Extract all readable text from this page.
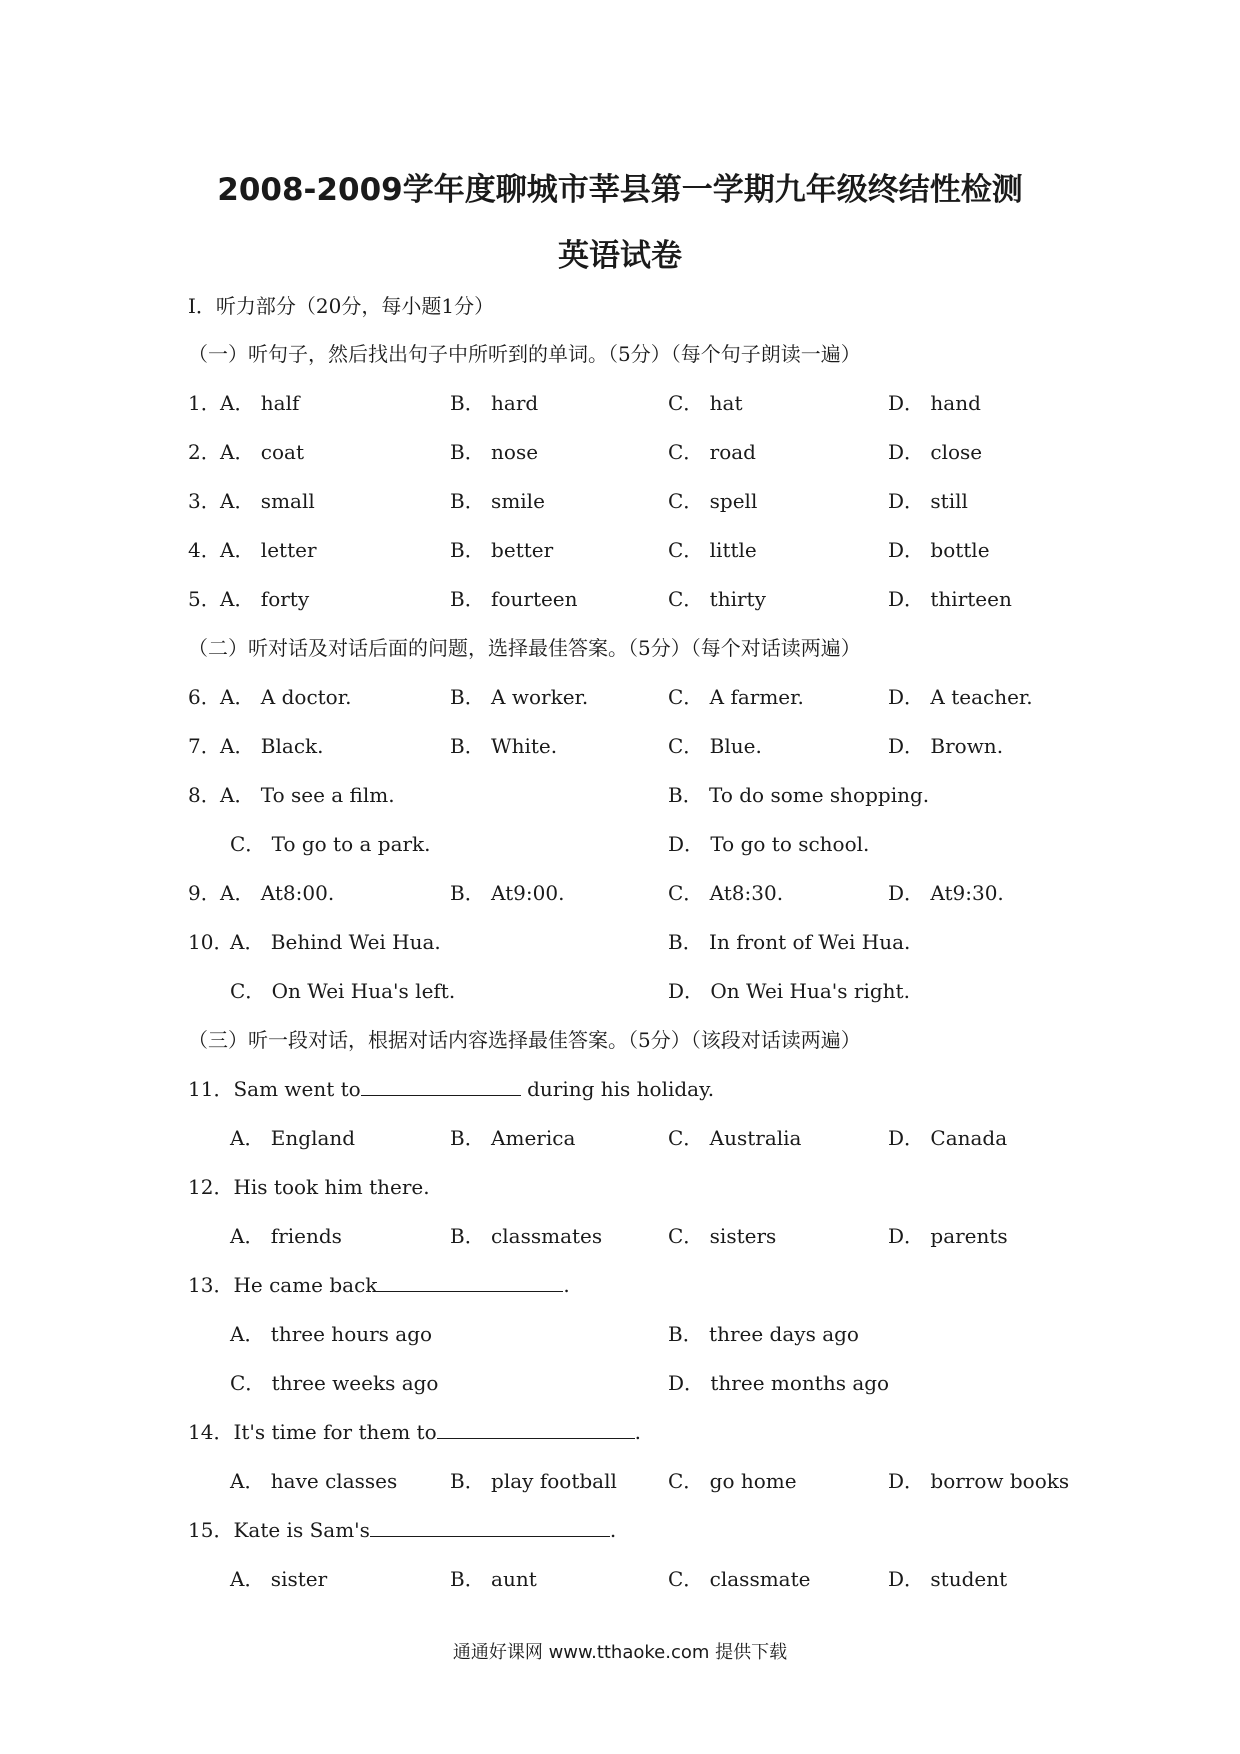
2008-2009学年度聊城市莘县第一学期九年级终结性检测
英语试卷
I．听力部分（20分，每小题1分）
（一）听句子，然后找出句子中所听到的单词。（5分）（每个句子朗读一遍）
1． A． half	B． hard	C． hat	D． hand
2． A． coat	B． nose	C． road	D． close
3． A． small	B． smile	C． spell	D． still
4． A． letter	B． better	C． little	D． bottle
5． A． forty	B． fourteen	C． thirty	D． thirteen
（二）听对话及对话后面的问题，选择最佳答案。（5分）（每个对话读两遍）
6． A． A doctor.	B． A worker.	C． A farmer.	D． A teacher.
7． A． Black.	B． White.	C． Blue.	D． Brown.
8． A． To see a film.	B． To do some shopping.
C． To go to a park.	D． To go to school.
9． A． At8:00.	B． At9:00.	C． At8:30.	D． At9:30.
10．
A． Behind Wei Hua.	B． In front of Wei Hua.
C． On Wei Hua's left.	D． On Wei Hua's right.
（三）听一段对话，根据对话内容选择最佳答案。（5分）（该段对话读两遍）
11．Sam went to	during his holiday.
A． England	B． America	C． Australia	D． Canada
12．His took him there.
A． friends	B． classmates	C． sisters	D． parents
13．He came back	.
A． three hours ago	B． three days ago
C． three weeks ago	D． three months ago
14．It's time for them to	.
A． have classes	B． play football	C． go home	D． borrow books
15．Kate is Sam's	.
A． sister	B． aunt	C． classmate	D． student
通通好课网 www.tthaoke.com 提供下载
